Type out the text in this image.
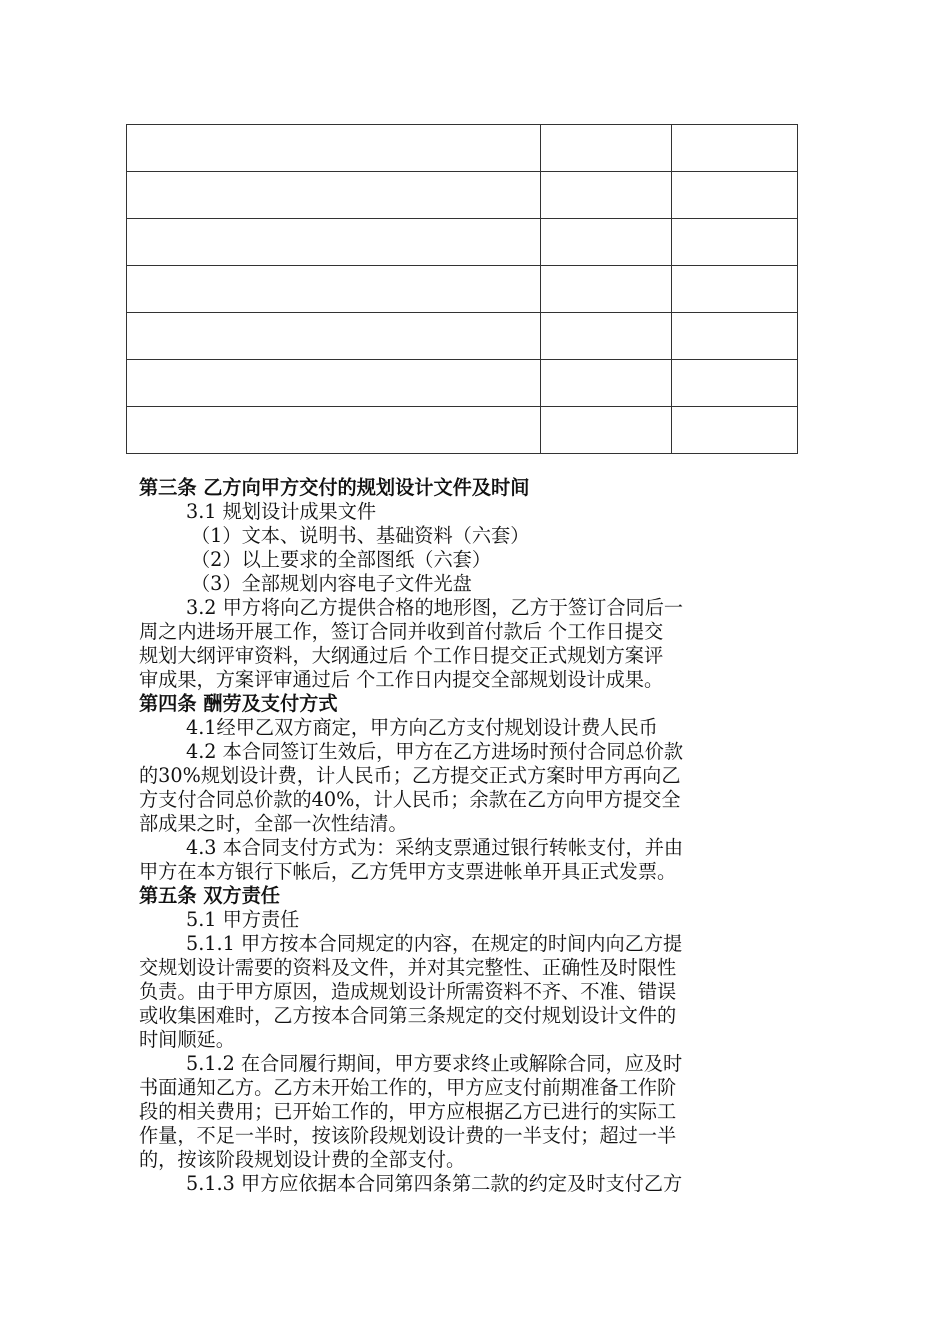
第三条 乙方向甲方交付的规划设计文件及时间
3.1 规划设计成果文件
（1）文本、说明书、基础资料（六套）
（2）以上要求的全部图纸（六套）
（3）全部规划内容电子文件光盘
3.2 甲方将向乙方提供合格的地形图，乙方于签订合同后一
周之内进场开展工作，签订合同并收到首付款后 个工作日提交
规划大纲评审资料，大纲通过后 个工作日提交正式规划方案评
审成果，方案评审通过后 个工作日内提交全部规划设计成果。
第四条 酬劳及支付方式
4.1经甲乙双方商定，甲方向乙方支付规划设计费人民币
4.2 本合同签订生效后，甲方在乙方进场时预付合同总价款
的30%规划设计费，计人民币；乙方提交正式方案时甲方再向乙
方支付合同总价款的40%，计人民币；余款在乙方向甲方提交全
部成果之时，全部一次性结清。
4.3 本合同支付方式为：采纳支票通过银行转帐支付，并由
甲方在本方银行下帐后，乙方凭甲方支票进帐单开具正式发票。
第五条 双方责任
5.1 甲方责任
5.1.1 甲方按本合同规定的内容，在规定的时间内向乙方提
交规划设计需要的资料及文件，并对其完整性、正确性及时限性
负责。由于甲方原因，造成规划设计所需资料不齐、不准、错误
或收集困难时，乙方按本合同第三条规定的交付规划设计文件的
时间顺延。
5.1.2 在合同履行期间，甲方要求终止或解除合同，应及时
书面通知乙方。乙方未开始工作的，甲方应支付前期准备工作阶
段的相关费用；已开始工作的，甲方应根据乙方已进行的实际工
作量，不足一半时，按该阶段规划设计费的一半支付；超过一半
的，按该阶段规划设计费的全部支付。
5.1.3 甲方应依据本合同第四条第二款的约定及时支付乙方
